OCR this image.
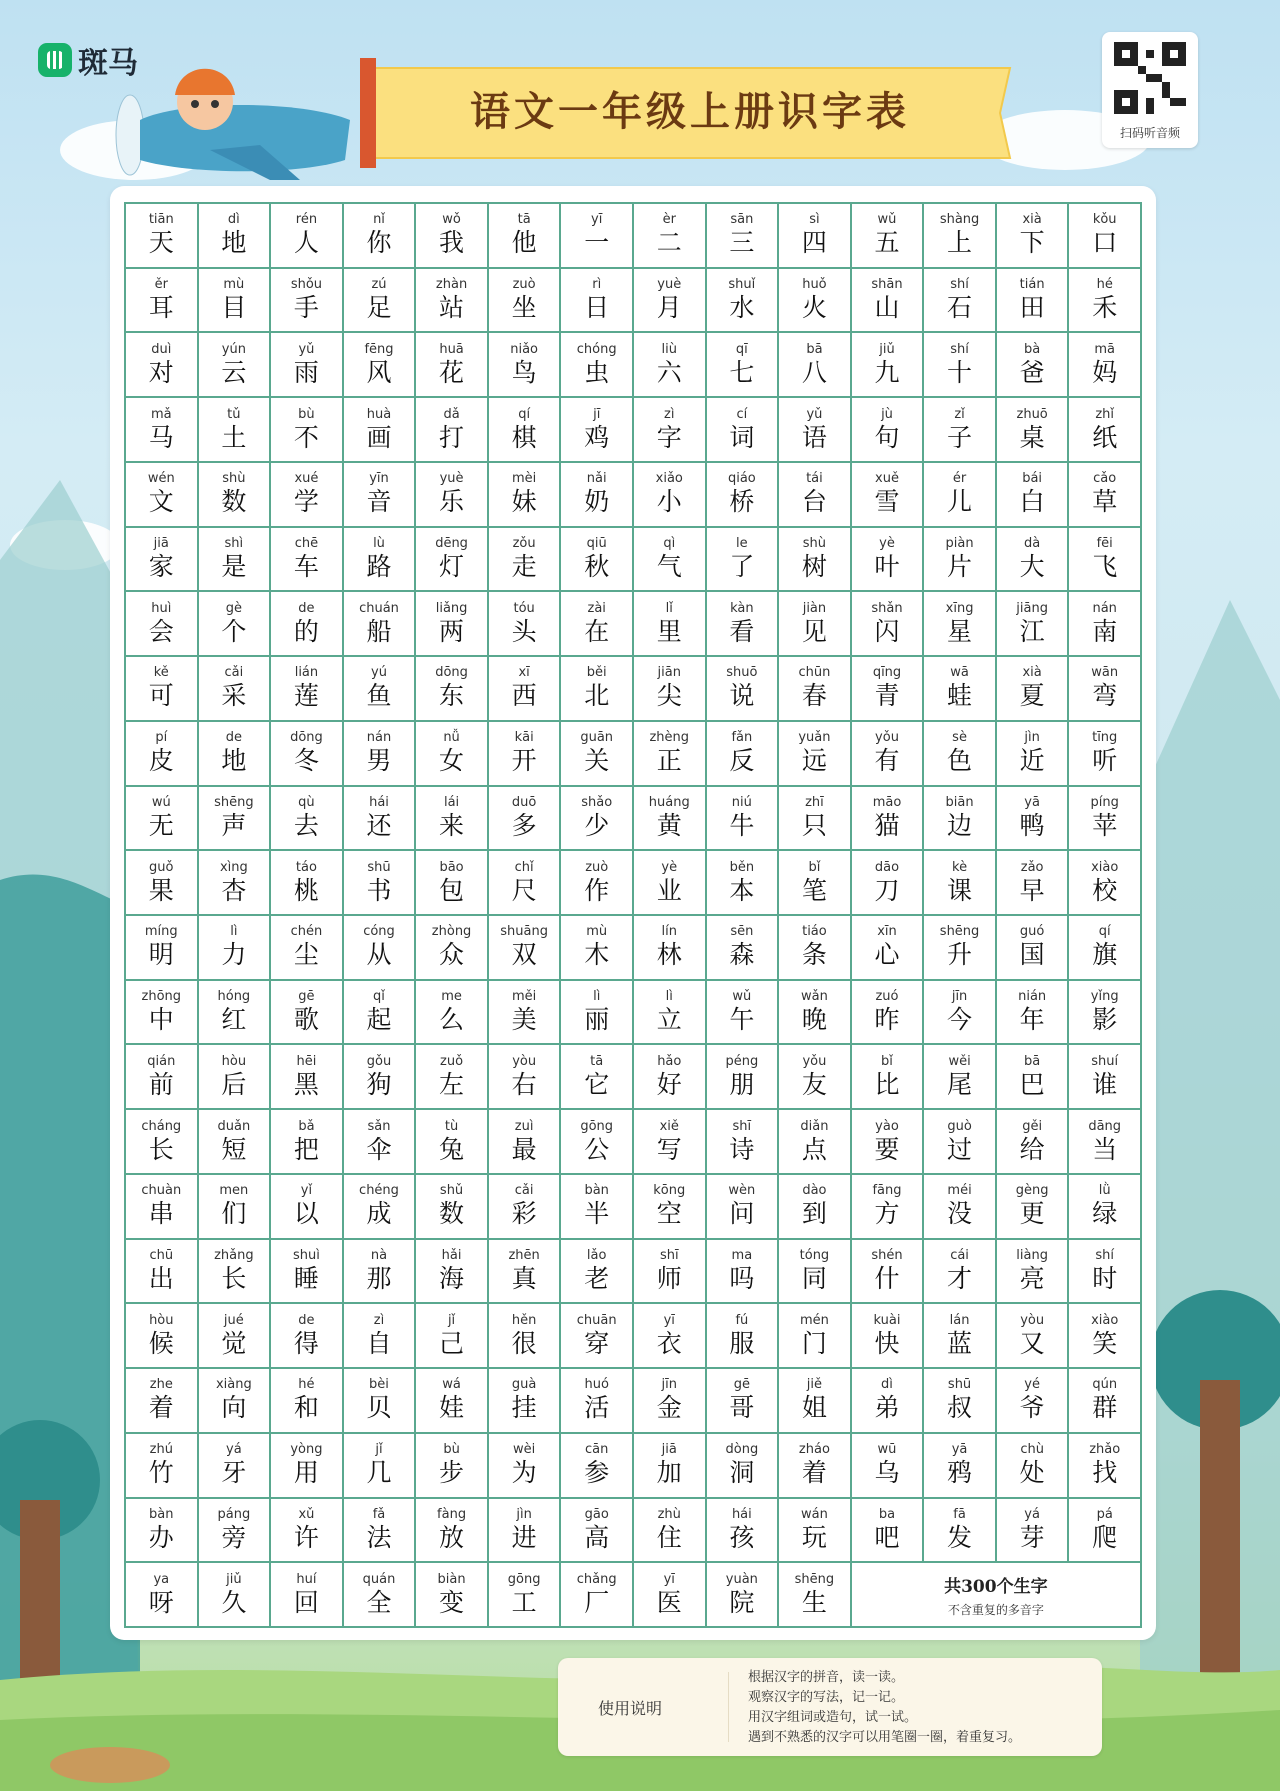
斑马
语文一年级上册识字表	扫码听音频
tiān
天
dì
地
rén
人
nǐ
你
wǒ
我
tā
他
yī
一
èr
二
sān
三
sì
四
wǔ
五
shàng
上
xià
下
kǒu
口
ěr
耳
mù
目
shǒu
手
zú
足
zhàn
站
zuò
坐
rì
日
yuè
月
shuǐ
水
huǒ
火
shān
山
shí
石
tián
田
hé
禾
duì
对
yún
云
yǔ
雨
fēng
风
huā
花
niǎo
鸟
chóng
虫
liù
六
qī
七
bā
八
jiǔ
九
shí
十
bà
爸
mā
妈
mǎ
马
tǔ
土
bù
不
huà
画
dǎ
打
qí
棋
jī
鸡
zì
字
cí
词
yǔ
语
jù
句
zǐ
子
zhuō
桌
zhǐ
纸
wén
文
shù
数
xué
学
yīn
音
yuè
乐
mèi
妹
nǎi
奶
xiǎo
小
qiáo
桥
tái
台
xuě
雪
ér
儿
bái
白
cǎo
草
jiā
家
shì
是
chē
车
lù
路
dēng
灯
zǒu
走
qiū
秋
qì
气
le
了
shù
树
yè
叶
piàn
片
dà
大
fēi
飞
huì
会
gè
个
de
的
chuán
船
liǎng
两
tóu
头
zài
在
lǐ
里
kàn
看
jiàn
见
shǎn
闪
xīng
星
jiāng
江
nán
南
kě
可
cǎi
采
lián
莲
yú
鱼
dōng
东
xī
西
běi
北
jiān
尖
shuō
说
chūn
春
qīng
青
wā
蛙
xià
夏
wān
弯
pí
皮
de
地
dōng
冬
nán
男
nǚ
女
kāi
开
guān
关
zhèng
正
fǎn
反
yuǎn
远
yǒu
有
sè
色
jìn
近
tīng
听
wú
无
shēng
声
qù
去
hái
还
lái
来
duō
多
shǎo
少
huáng
黄
niú
牛
zhī
只
māo
猫
biān
边
yā
鸭
píng
苹
guǒ
果
xìng
杏
táo
桃
shū
书
bāo
包
chǐ
尺
zuò
作
yè
业
běn
本
bǐ
笔
dāo
刀
kè
课
zǎo
早
xiào
校
míng
明
lì
力
chén
尘
cóng
从
zhòng
众
shuāng
双
mù
木
lín
林
sēn
森
tiáo
条
xīn
心
shēng
升
guó
国
qí
旗
zhōng
中
hóng
红
gē
歌
qǐ
起
me
么
měi
美
lì
丽
lì
立
wǔ
午
wǎn
晚
zuó
昨
jīn
今
nián
年
yǐng
影
qián
前
hòu
后
hēi
黑
gǒu
狗
zuǒ
左
yòu
右
tā
它
hǎo
好
péng
朋
yǒu
友
bǐ
比
wěi
尾
bā
巴
shuí
谁
cháng
长
duǎn
短
bǎ
把
sǎn
伞
tù
兔
zuì
最
gōng
公
xiě
写
shī
诗
diǎn
点
yào
要
guò
过
gěi
给
dāng
当
chuàn
串
men
们
yǐ
以
chéng
成
shǔ
数
cǎi
彩
bàn
半
kōng
空
wèn
问
dào
到
fāng
方
méi
没
gèng
更
lǜ
绿
chū
出
zhǎng
长
shuì
睡
nà
那
hǎi
海
zhēn
真
lǎo
老
shī
师
ma
吗
tóng
同
shén
什
cái
才
liàng
亮
shí
时
hòu
候
jué
觉
de
得
zì
自
jǐ
己
hěn
很
chuān
穿
yī
衣
fú
服
mén
门
kuài
快
lán
蓝
yòu
又
xiào
笑
zhe
着
xiàng
向
hé
和
bèi
贝
wá
娃
guà
挂
huó
活
jīn
金
gē
哥
jiě
姐
dì
弟
shū
叔
yé
爷
qún
群
zhú
竹
yá
牙
yòng
用
jǐ
几
bù
步
wèi
为
cān
参
jiā
加
dòng
洞
zháo
着
wū
乌
yā
鸦
chù
处
zhǎo
找
bàn
办
páng
旁
xǔ
许
fǎ
法
fàng
放
jìn
进
gāo
高
zhù
住
hái
孩
wán
玩
ba
吧
fā
发
yá
芽
pá
爬
ya
呀
jiǔ
久
huí
回
quán
全
biàn
变
gōng
工
chǎng
厂
yī
医
yuàn
院
shēng
生
共300个生字
不含重复的多音字
使用说明
根据汉字的拼音，读一读。
观察汉字的写法，记一记。
用汉字组词或造句，试一试。
遇到不熟悉的汉字可以用笔圈一圈，着重复习。
